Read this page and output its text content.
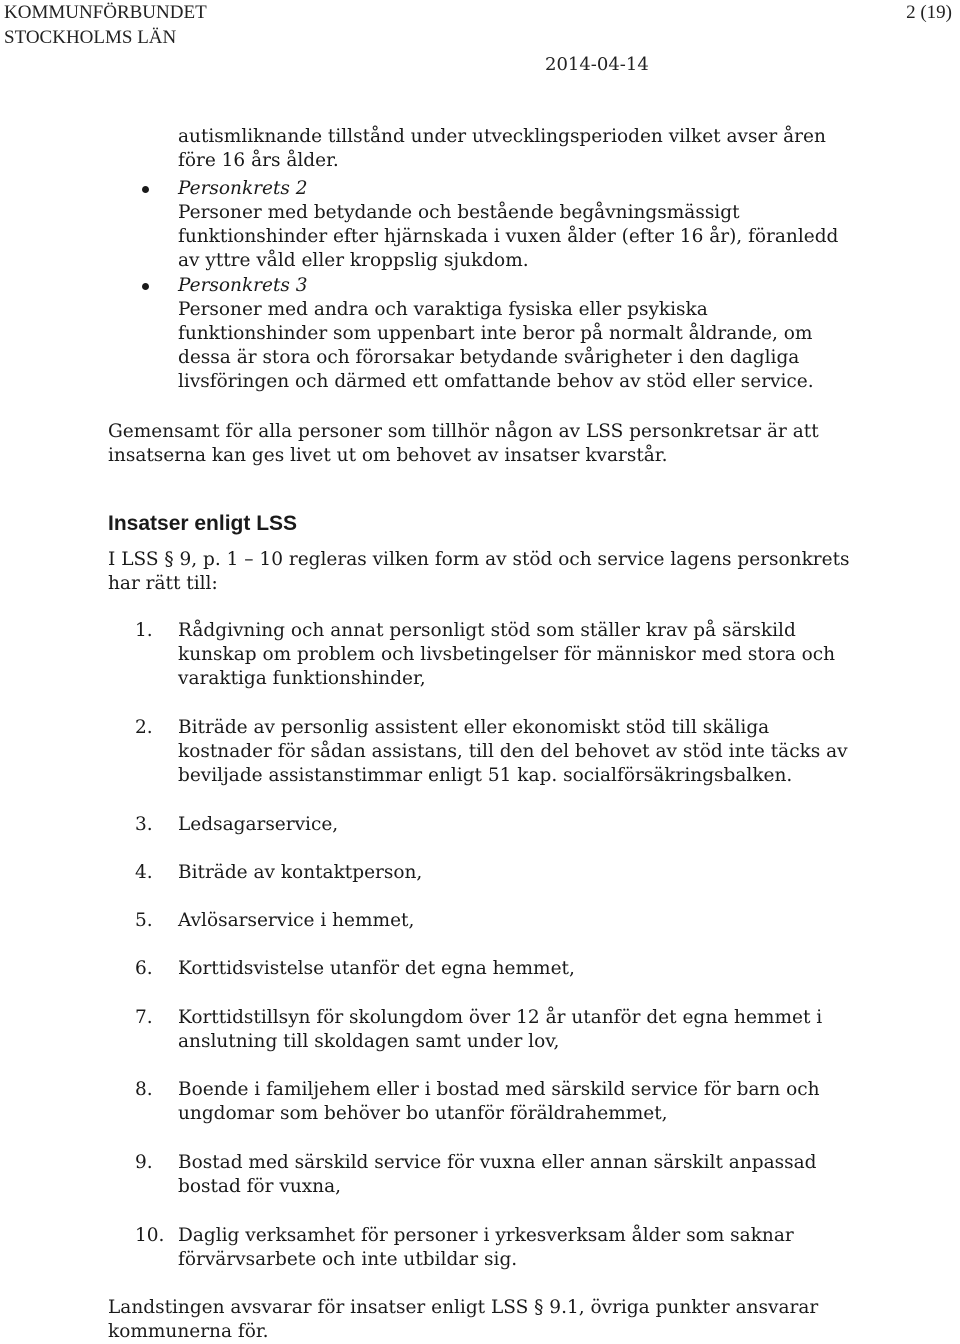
KOMMUNFÖRBUNDET
STOCKHOLMS LÄN
2 (19)
2014-04-14
autismliknande tillstånd under utvecklingsperioden vilket avser åren
före 16 års ålder.
Personkrets 2
Personer med betydande och bestående begåvningsmässigt
funktionshinder efter hjärnskada i vuxen ålder (efter 16 år), föranledd
av yttre våld eller kroppslig sjukdom.
Personkrets 3
Personer med andra och varaktiga fysiska eller psykiska
funktionshinder som uppenbart inte beror på normalt åldrande, om
dessa är stora och förorsakar betydande svårigheter i den dagliga
livsföringen och därmed ett omfattande behov av stöd eller service.
Gemensamt för alla personer som tillhör någon av LSS personkretsar är att
insatserna kan ges livet ut om behovet av insatser kvarstår.
Insatser enligt LSS
I LSS § 9, p. 1 – 10 regleras vilken form av stöd och service lagens personkrets
har rätt till:
1.	Rådgivning och annat personligt stöd som ställer krav på särskild
kunskap om problem och livsbetingelser för människor med stora och
varaktiga funktionshinder,
2.	Biträde av personlig assistent eller ekonomiskt stöd till skäliga
kostnader för sådan assistans, till den del behovet av stöd inte täcks av
beviljade assistanstimmar enligt 51 kap. socialförsäkringsbalken.
3.	Ledsagarservice,
4.	Biträde av kontaktperson,
5.	Avlösarservice i hemmet,
6.	Korttidsvistelse utanför det egna hemmet,
7.	Korttidstillsyn för skolungdom över 12 år utanför det egna hemmet i
anslutning till skoldagen samt under lov,
8.	Boende i familjehem eller i bostad med särskild service för barn och
ungdomar som behöver bo utanför föräldrahemmet,
9.	Bostad med särskild service för vuxna eller annan särskilt anpassad
bostad för vuxna,
10. Daglig verksamhet för personer i yrkesverksam ålder som saknar
förvärvsarbete och inte utbildar sig.
Landstingen avsvarar för insatser enligt LSS § 9.1, övriga punkter ansvarar
kommunerna för.
